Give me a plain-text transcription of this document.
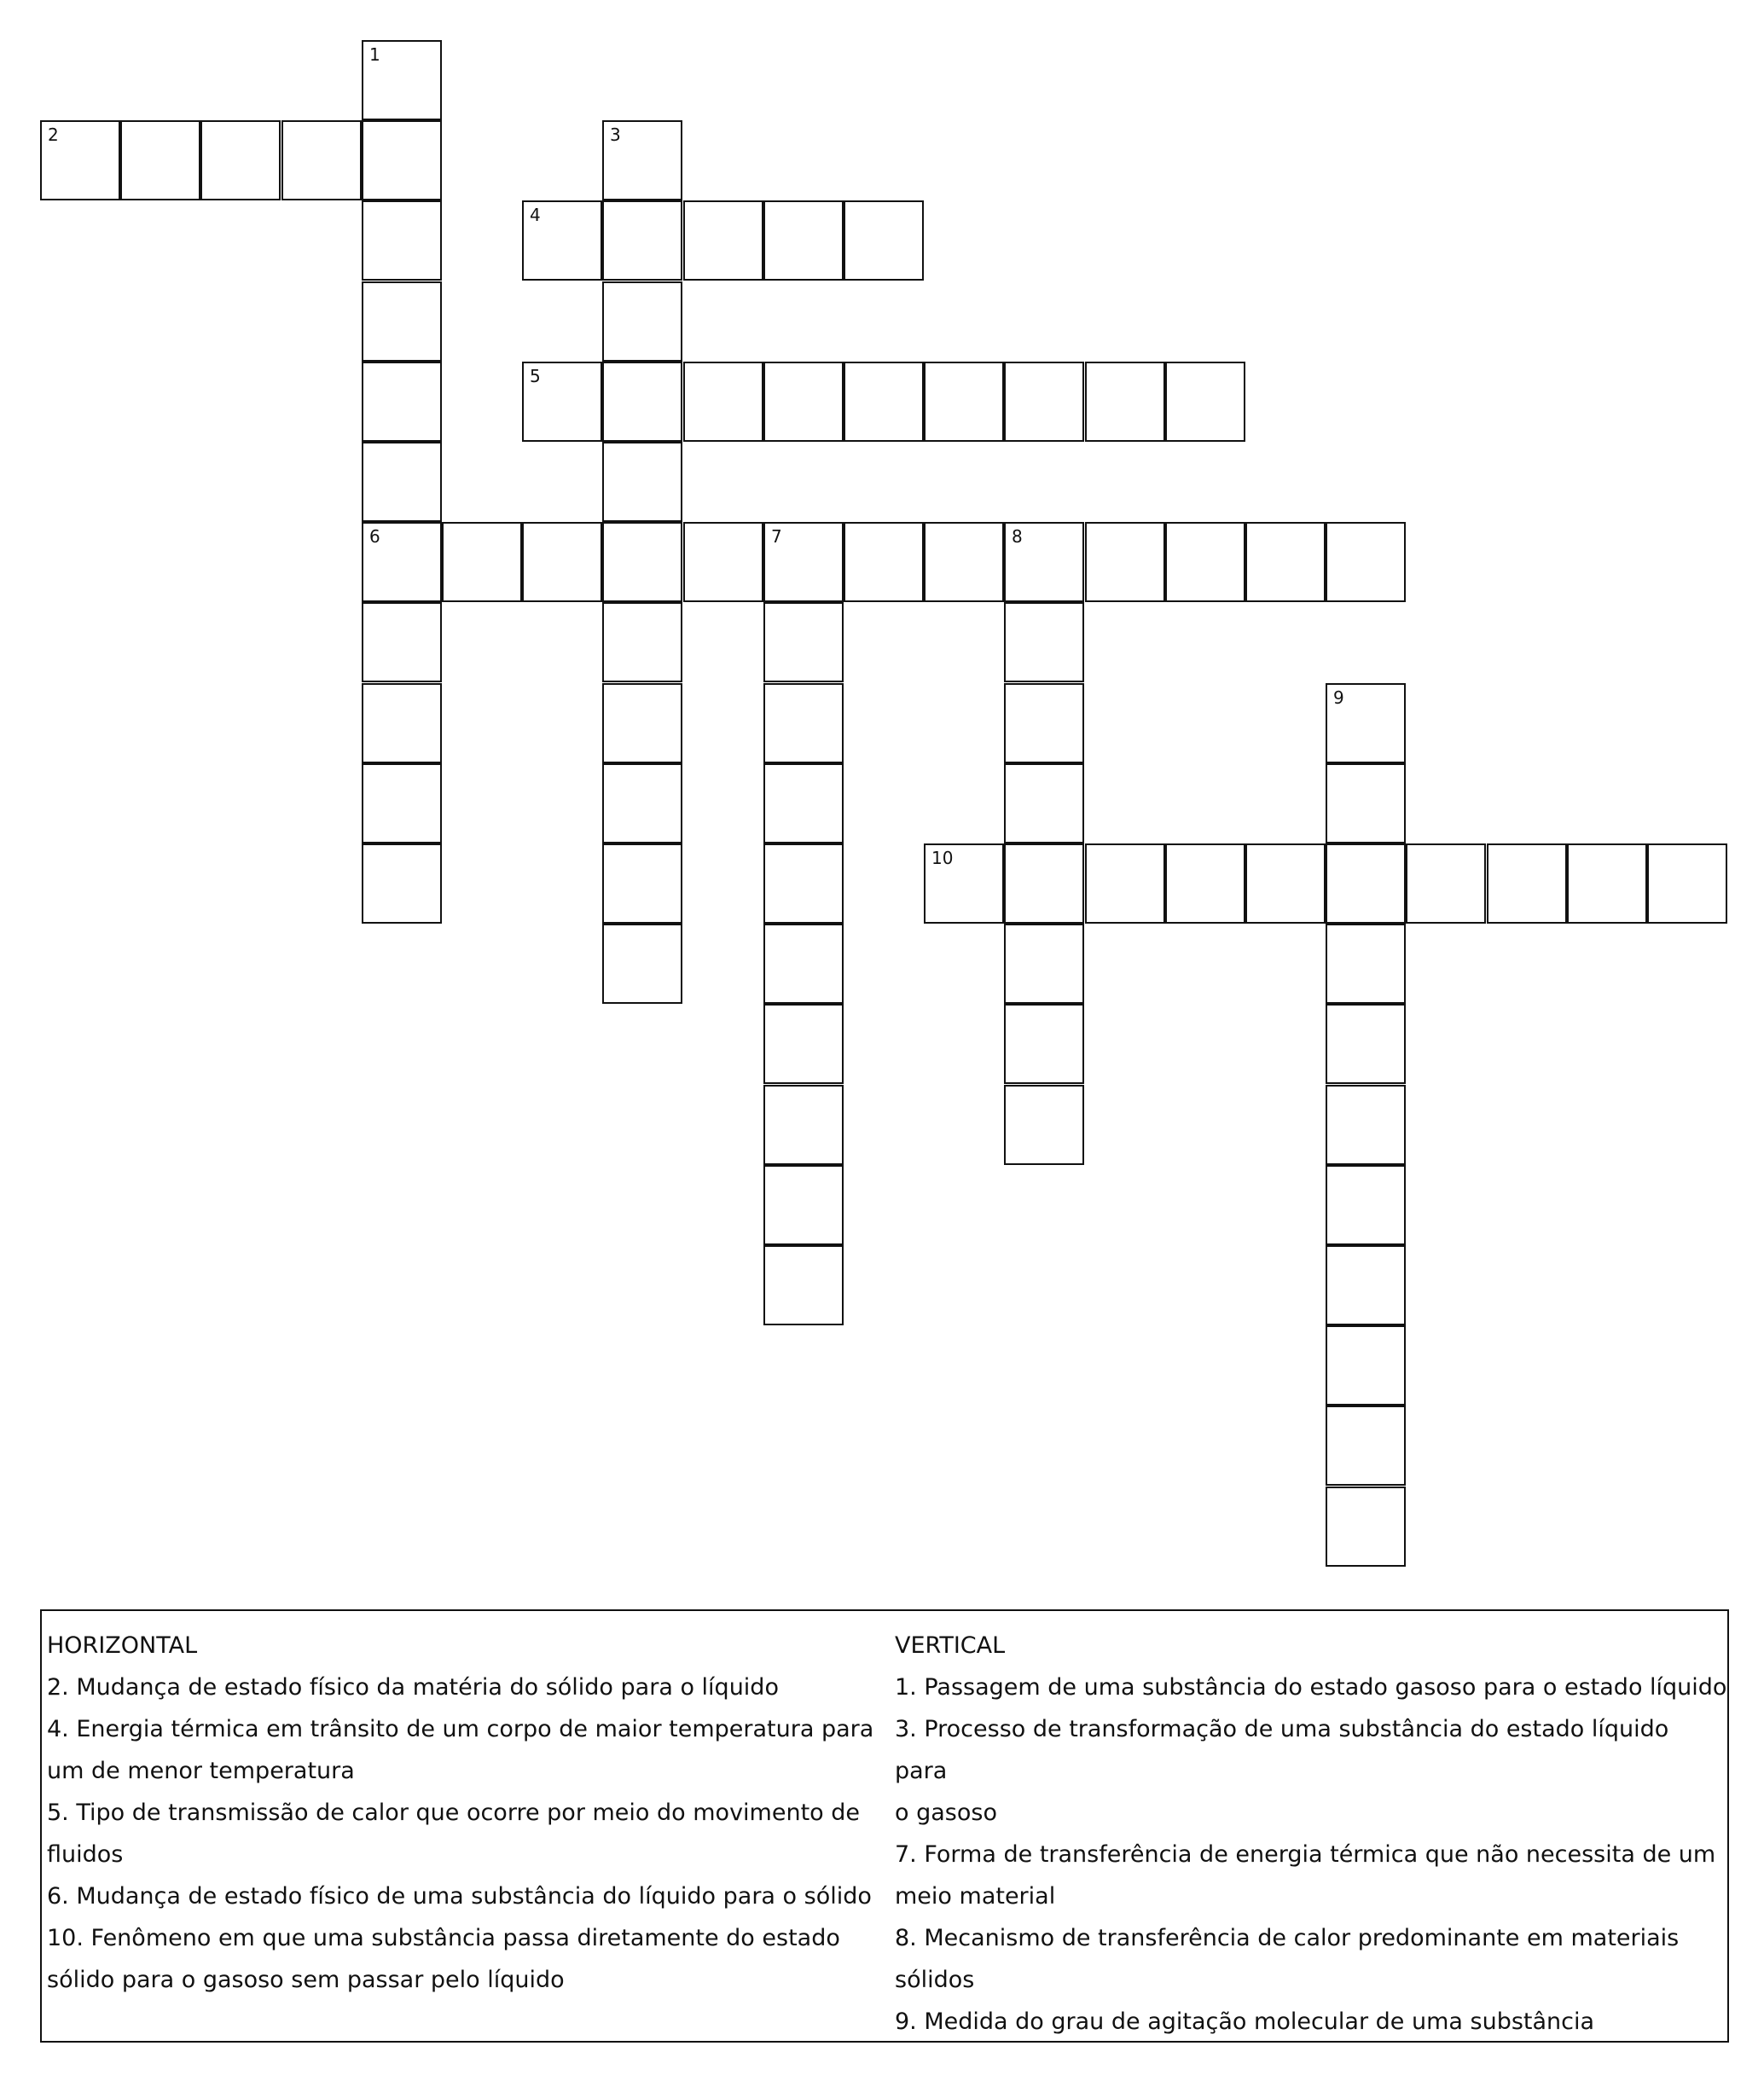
1
2	3
4
5
6	7	8
9
10

HORIZONTAL

2. Mudança de estado físico da matéria do sólido para o líquido

4. Energia térmica em trânsito de um corpo de maior temperatura para

um de menor temperatura

5. Tipo de transmissão de calor que ocorre por meio do movimento de

fluidos

6. Mudança de estado físico de uma substância do líquido para o sólido

10. Fenômeno em que uma substância passa diretamente do estado

sólido para o gasoso sem passar pelo líquido

VERTICAL

1. Passagem de uma substância do estado gasoso para o estado líquido

3. Processo de transformação de uma substância do estado líquido para

o gasoso

7. Forma de transferência de energia térmica que não necessita de um

meio material

8. Mecanismo de transferência de calor predominante em materiais

sólidos

9. Medida do grau de agitação molecular de uma substância
